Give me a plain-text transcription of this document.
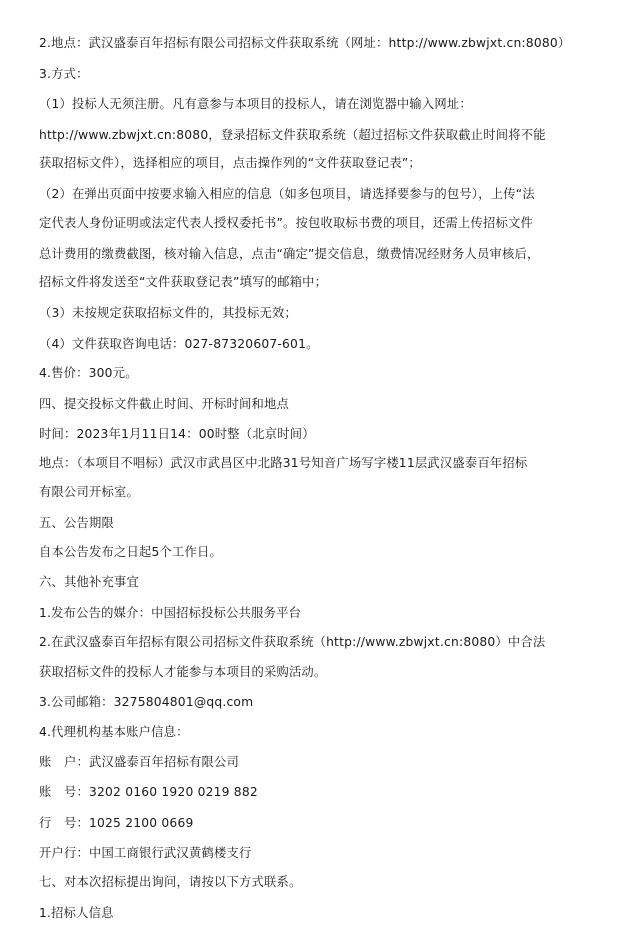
2.地点：武汉盛泰百年招标有限公司招标文件获取系统（网址：http://www.zbwjxt.cn:8080）
3.方式：
（1）投标人无须注册。凡有意参与本项目的投标人，请在浏览器中输入网址：
http://www.zbwjxt.cn:8080，登录招标文件获取系统（超过招标文件获取截止时间将不能
获取招标文件），选择相应的项目，点击操作列的“文件获取登记表”；
（2）在弹出页面中按要求输入相应的信息（如多包项目，请选择要参与的包号），上传“法
定代表人身份证明或法定代表人授权委托书”。按包收取标书费的项目，还需上传招标文件
总计费用的缴费截图，核对输入信息，点击“确定”提交信息，缴费情况经财务人员审核后，
招标文件将发送至“文件获取登记表”填写的邮箱中；
（3）未按规定获取招标文件的，其投标无效；
（4）文件获取咨询电话：027-87320607-601。
4.售价：300元。
四、提交投标文件截止时间、开标时间和地点
时间：2023年1月11日14：00时整（北京时间）
地点：（本项目不唱标）武汉市武昌区中北路31号知音广场写字楼11层武汉盛泰百年招标
有限公司开标室。
五、公告期限
自本公告发布之日起5个工作日。
六、其他补充事宜
1.发布公告的媒介：中国招标投标公共服务平台
2.在武汉盛泰百年招标有限公司招标文件获取系统（http://www.zbwjxt.cn:8080）中合法
获取招标文件的投标人才能参与本项目的采购活动。
3.公司邮箱：3275804801@qq.com
4.代理机构基本账户信息：
账　户：武汉盛泰百年招标有限公司
账　号：3202 0160 1920 0219 882
行　号：1025 2100 0669
开户行：中国工商银行武汉黄鹤楼支行
七、对本次招标提出询问，请按以下方式联系。
1.招标人信息
